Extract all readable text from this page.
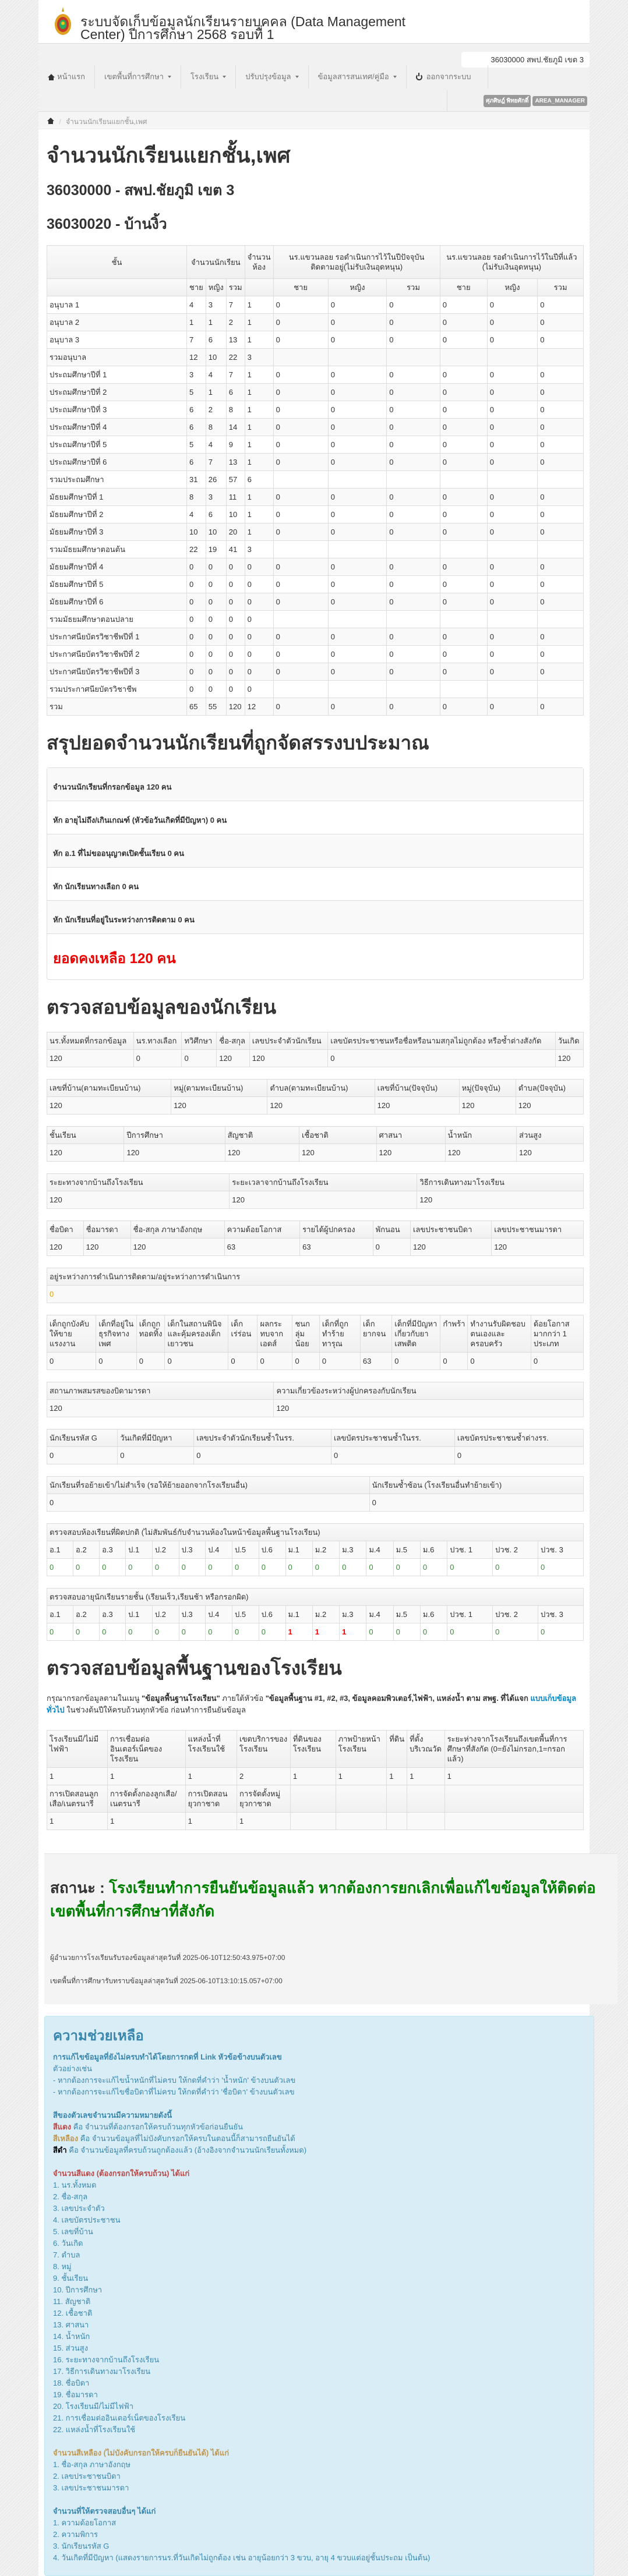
ระบบจัดเก็บข้อมูลนักเรียนรายบุคคล (Data Management Center) ปีการศึกษา 2568 รอบที่ 1
36030000 สพป.ชัยภูมิ เขต 3
หน้าแรก	เขตพื้นที่การศึกษา	โรงเรียน	ปรับปรุงข้อมูล	ข้อมูลสารสนเทศ/คู่มือ	ออกจากระบบ
ศุภศิษฎ์ พิทยศักดิ์	AREA_MANAGER
/ จำนวนนักเรียนแยกชั้น,เพศ
จำนวนนักเรียนแยกชั้น,เพศ
36030000 - สพป.ชัยภูมิ เขต 3
36030020 - บ้านงิ้ว
ชั้น	จำนวนนักเรียน			จำนวนห้อง	นร.แขวนลอย รอดำเนินการไว้ในปีปัจจุบัน ติดตามอยู่(ไม่รับเงินอุดหนุน)			นร.แขวนลอย รอดำเนินการไว้ในปีที่แล้ว (ไม่รับเงินอุดหนุน)		
	ชาย	หญิง	รวม		ชาย	หญิง	รวม	ชาย	หญิง	รวม
อนุบาล 1	4	3	7	1	0	0	0	0	0	0
อนุบาล 2	1	1	2	1	0	0	0	0	0	0
อนุบาล 3	7	6	13	1	0	0	0	0	0	0
รวมอนุบาล	12	10	22	3						
ประถมศึกษาปีที่ 1	3	4	7	1	0	0	0	0	0	0
ประถมศึกษาปีที่ 2	5	1	6	1	0	0	0	0	0	0
ประถมศึกษาปีที่ 3	6	2	8	1	0	0	0	0	0	0
ประถมศึกษาปีที่ 4	6	8	14	1	0	0	0	0	0	0
ประถมศึกษาปีที่ 5	5	4	9	1	0	0	0	0	0	0
ประถมศึกษาปีที่ 6	6	7	13	1	0	0	0	0	0	0
รวมประถมศึกษา	31	26	57	6						
มัธยมศึกษาปีที่ 1	8	3	11	1	0	0	0	0	0	0
มัธยมศึกษาปีที่ 2	4	6	10	1	0	0	0	0	0	0
มัธยมศึกษาปีที่ 3	10	10	20	1	0	0	0	0	0	0
รวมมัธยมศึกษาตอนต้น	22	19	41	3						
มัธยมศึกษาปีที่ 4	0	0	0	0	0	0	0	0	0	0
มัธยมศึกษาปีที่ 5	0	0	0	0	0	0	0	0	0	0
มัธยมศึกษาปีที่ 6	0	0	0	0	0	0	0	0	0	0
รวมมัธยมศึกษาตอนปลาย	0	0	0	0						
ประกาศนียบัตรวิชาชีพปีที่ 1	0	0	0	0	0	0	0	0	0	0
ประกาศนียบัตรวิชาชีพปีที่ 2	0	0	0	0	0	0	0	0	0	0
ประกาศนียบัตรวิชาชีพปีที่ 3	0	0	0	0	0	0	0	0	0	0
รวมประกาศนียบัตรวิชาชีพ	0	0	0	0						
รวม	65	55	120	12	0	0	0	0	0	0
สรุปยอดจำนวนนักเรียนที่ถูกจัดสรรงบประมาณ
จำนวนนักเรียนที่กรอกข้อมูล 120 คน
หัก อายุไม่ถึง/เกินเกณฑ์ (หัวข้อวันเกิดที่มีปัญหา) 0 คน
หัก อ.1 ที่ไม่ขออนุญาตเปิดชั้นเรียน 0 คน
หัก นักเรียนทางเลือก 0 คน
หัก นักเรียนที่อยู่ในระหว่างการติดตาม 0 คน
ยอดคงเหลือ 120 คน
ตรวจสอบข้อมูลของนักเรียน
นร.ทั้งหมดที่กรอกข้อมูล	นร.ทางเลือก	ทวิศึกษา	ชื่อ-สกุล	เลขประจำตัวนักเรียน	เลขบัตรประชาชนหรือชื่อหรือนามสกุลไม่ถูกต้อง หรือซ้ำต่างสังกัด	วันเกิด
120	0	0	120	120	0	120
เลขที่บ้าน(ตามทะเบียนบ้าน)	หมู่(ตามทะเบียนบ้าน)	ตำบล(ตามทะเบียนบ้าน)	เลขที่บ้าน(ปัจจุบัน)	หมู่(ปัจจุบัน)	ตำบล(ปัจจุบัน)
120	120	120	120	120	120
ชั้นเรียน	ปีการศึกษา	สัญชาติ	เชื้อชาติ	ศาสนา	น้ำหนัก	ส่วนสูง
120	120	120	120	120	120	120
ระยะทางจากบ้านถึงโรงเรียน	ระยะเวลาจากบ้านถึงโรงเรียน	วิธีการเดินทางมาโรงเรียน
120	120	120
ชื่อบิดา	ชื่อมารดา	ชื่อ-สกุล ภาษาอังกฤษ	ความด้อยโอกาส	รายได้ผู้ปกครอง	พักนอน	เลขประชาชนบิดา	เลขประชาชนมารดา
120	120	120	63	63	0	120	120
อยู่ระหว่างการดำเนินการติดตาม/อยู่ระหว่างการดำเนินการ
0
เด็กถูกบังคับให้ขายแรงงาน	เด็กที่อยู่ในธุรกิจทางเพศ	เด็กถูกทอดทิ้ง	เด็กในสถานพินิจและคุ้มครองเด็กเยาวชน	เด็กเร่ร่อน	ผลกระทบจากเอดส์	ชนกลุ่มน้อย	เด็กที่ถูกทำร้ายทารุณ	เด็กยากจน	เด็กที่มีปัญหาเกี่ยวกับยาเสพติด	กำพร้า	ทำงานรับผิดชอบตนเองและครอบครัว	ด้อยโอกาสมากกว่า 1 ประเภท
0	0	0	0	0	0	0	0	63	0	0	0	0
สถานภาพสมรสของบิดามารดา	ความเกี่ยวข้องระหว่างผู้ปกครองกับนักเรียน
120	120
นักเรียนรหัส G	วันเกิดที่มีปัญหา	เลขประจำตัวนักเรียนซ้ำในรร.	เลขบัตรประชาชนซ้ำในรร.	เลขบัตรประชาชนซ้ำต่างรร.
0	0	0	0	0
นักเรียนที่รอย้ายเข้า/ไม่สำเร็จ (รอให้ย้ายออกจากโรงเรียนอื่น)	นักเรียนซ้ำซ้อน (โรงเรียนอื่นทำย้ายเข้า)
0	0
ตรวจสอบห้องเรียนที่ผิดปกติ (ไม่สัมพันธ์กับจำนวนห้องในหน้าข้อมูลพื้นฐานโรงเรียน)																	
อ.1	อ.2	อ.3	ป.1	ป.2	ป.3	ป.4	ป.5	ป.6	ม.1	ม.2	ม.3	ม.4	ม.5	ม.6	ปวช. 1	ปวช. 2	ปวช. 3
0	0	0	0	0	0	0	0	0	0	0	0	0	0	0	0	0	0
ตรวจสอบอายุนักเรียนรายชั้น (เรียนเร็ว,เรียนช้า หรือกรอกผิด)																	
อ.1	อ.2	อ.3	ป.1	ป.2	ป.3	ป.4	ป.5	ป.6	ม.1	ม.2	ม.3	ม.4	ม.5	ม.6	ปวช. 1	ปวช. 2	ปวช. 3
0	0	0	0	0	0	0	0	0	1	1	1	0	0	0	0	0	0
ตรวจสอบข้อมูลพื้นฐานของโรงเรียน

กรุณากรอกข้อมูลตามในเมนู "ข้อมูลพื้นฐานโรงเรียน" ภายใต้หัวข้อ "ข้อมูลพื้นฐาน #1, #2, #3, ข้อมูลคอมพิวเตอร์,ไฟฟ้า, แหล่งน้ำ ตาม สพฐ. ที่ได้แจก แบบเก็บข้อมูลทั่วไป ในช่วงต้นปีให้ครบถ้วนทุกหัวข้อ ก่อนทำการยืนยันข้อมูล

โรงเรียนมี/ไม่มีไฟฟ้า	การเชื่อมต่ออินเตอร์เน็ตของโรงเรียน	แหล่งน้ำที่โรงเรียนใช้	เขตบริการของโรงเรียน	ที่ดินของโรงเรียน	ภาพป้ายหน้าโรงเรียน	ที่ดิน	ที่ตั้งบริเวณวัด	ระยะห่างจากโรงเรียนถึงเขตพื้นที่การศึกษาที่สังกัด (0=ยังไม่กรอก,1=กรอกแล้ว)
1	1	1	2	1	1	1	1	1
การเปิดสอนลูกเสือ/เนตรนารี	การจัดตั้งกองลูกเสือ/เนตรนารี	การเปิดสอนยุวกาชาด	การจัดตั้งหมู่ยุวกาชาด					
1	1	1	1					
สถานะ : โรงเรียนทำการยืนยันข้อมูลแล้ว หากต้องการยกเลิกเพื่อแก้ไขข้อมูลให้ติดต่อเขตพื้นที่การศึกษาที่สังกัด
ผู้อำนวยการโรงเรียนรับรองข้อมูลล่าสุดวันที่ 2025-06-10T12:50:43.975+07:00
เขตพื้นที่การศึกษารับทราบข้อมูลล่าสุดวันที่ 2025-06-10T13:10:15.057+07:00
ความช่วยเหลือ
การแก้ไขข้อมูลที่ยังไม่ครบทำได้โดยการกดที่ Link หัวข้อข้างบนตัวเลข
ตัวอย่างเช่น
- หากต้องการจะแก้ไขน้ำหนักที่ไม่ครบ ให้กดที่คำว่า 'น้ำหนัก' ข้างบนตัวเลข
- หากต้องการจะแก้ไขชื่อบิดาที่ไม่ครบ ให้กดที่คำว่า 'ชื่อบิดา' ข้างบนตัวเลข
สีของตัวเลขจำนวนมีความหมายดังนี้
สีแดง คือ จำนวนที่ต้องกรอกให้ครบถ้วนทุกหัวข้อก่อนยืนยัน
สีเหลือง คือ จำนวนข้อมูลที่ไม่บังคับกรอกให้ครบในตอนนี้ก็สามารถยืนยันได้
สีดำ คือ จำนวนข้อมูลที่ครบถ้วนถูกต้องแล้ว (อ้างอิงจากจำนวนนักเรียนทั้งหมด)
จำนวนสีแดง (ต้องกรอกให้ครบถ้วน) ได้แก่
1. นร.ทั้งหมด
2. ชื่อ-สกุล
3. เลขประจำตัว
4. เลขบัตรประชาชน
5. เลขที่บ้าน
6. วันเกิด
7. ตำบล
8. หมู่
9. ชั้นเรียน
10. ปีการศึกษา
11. สัญชาติ
12. เชื้อชาติ
13. ศาสนา
14. น้ำหนัก
15. ส่วนสูง
16. ระยะทางจากบ้านถึงโรงเรียน
17. วิธีการเดินทางมาโรงเรียน
18. ชื่อบิดา
19. ชื่อมารดา
20. โรงเรียนมี/ไม่มีไฟฟ้า
21. การเชื่อมต่ออินเตอร์เน็ตของโรงเรียน
22. แหล่งน้ำที่โรงเรียนใช้
จำนวนสีเหลือง (ไม่บังคับกรอกให้ครบก็ยืนยันได้) ได้แก่
1. ชื่อ-สกุล ภาษาอังกฤษ
2. เลขประชาชนบิดา
3. เลขประชาชนมารดา
จำนวนที่ให้ตรวจสอบอื่นๆ ได้แก่
1. ความด้อยโอกาส
2. ความพิการ
3. นักเรียนรหัส G
4. วันเกิดที่มีปัญหา (แสดงรายการนร.ที่วันเกิดไม่ถูกต้อง เช่น อายุน้อยกว่า 3 ขวบ, อายุ 4 ขวบแต่อยู่ชั้นประถม เป็นต้น)
